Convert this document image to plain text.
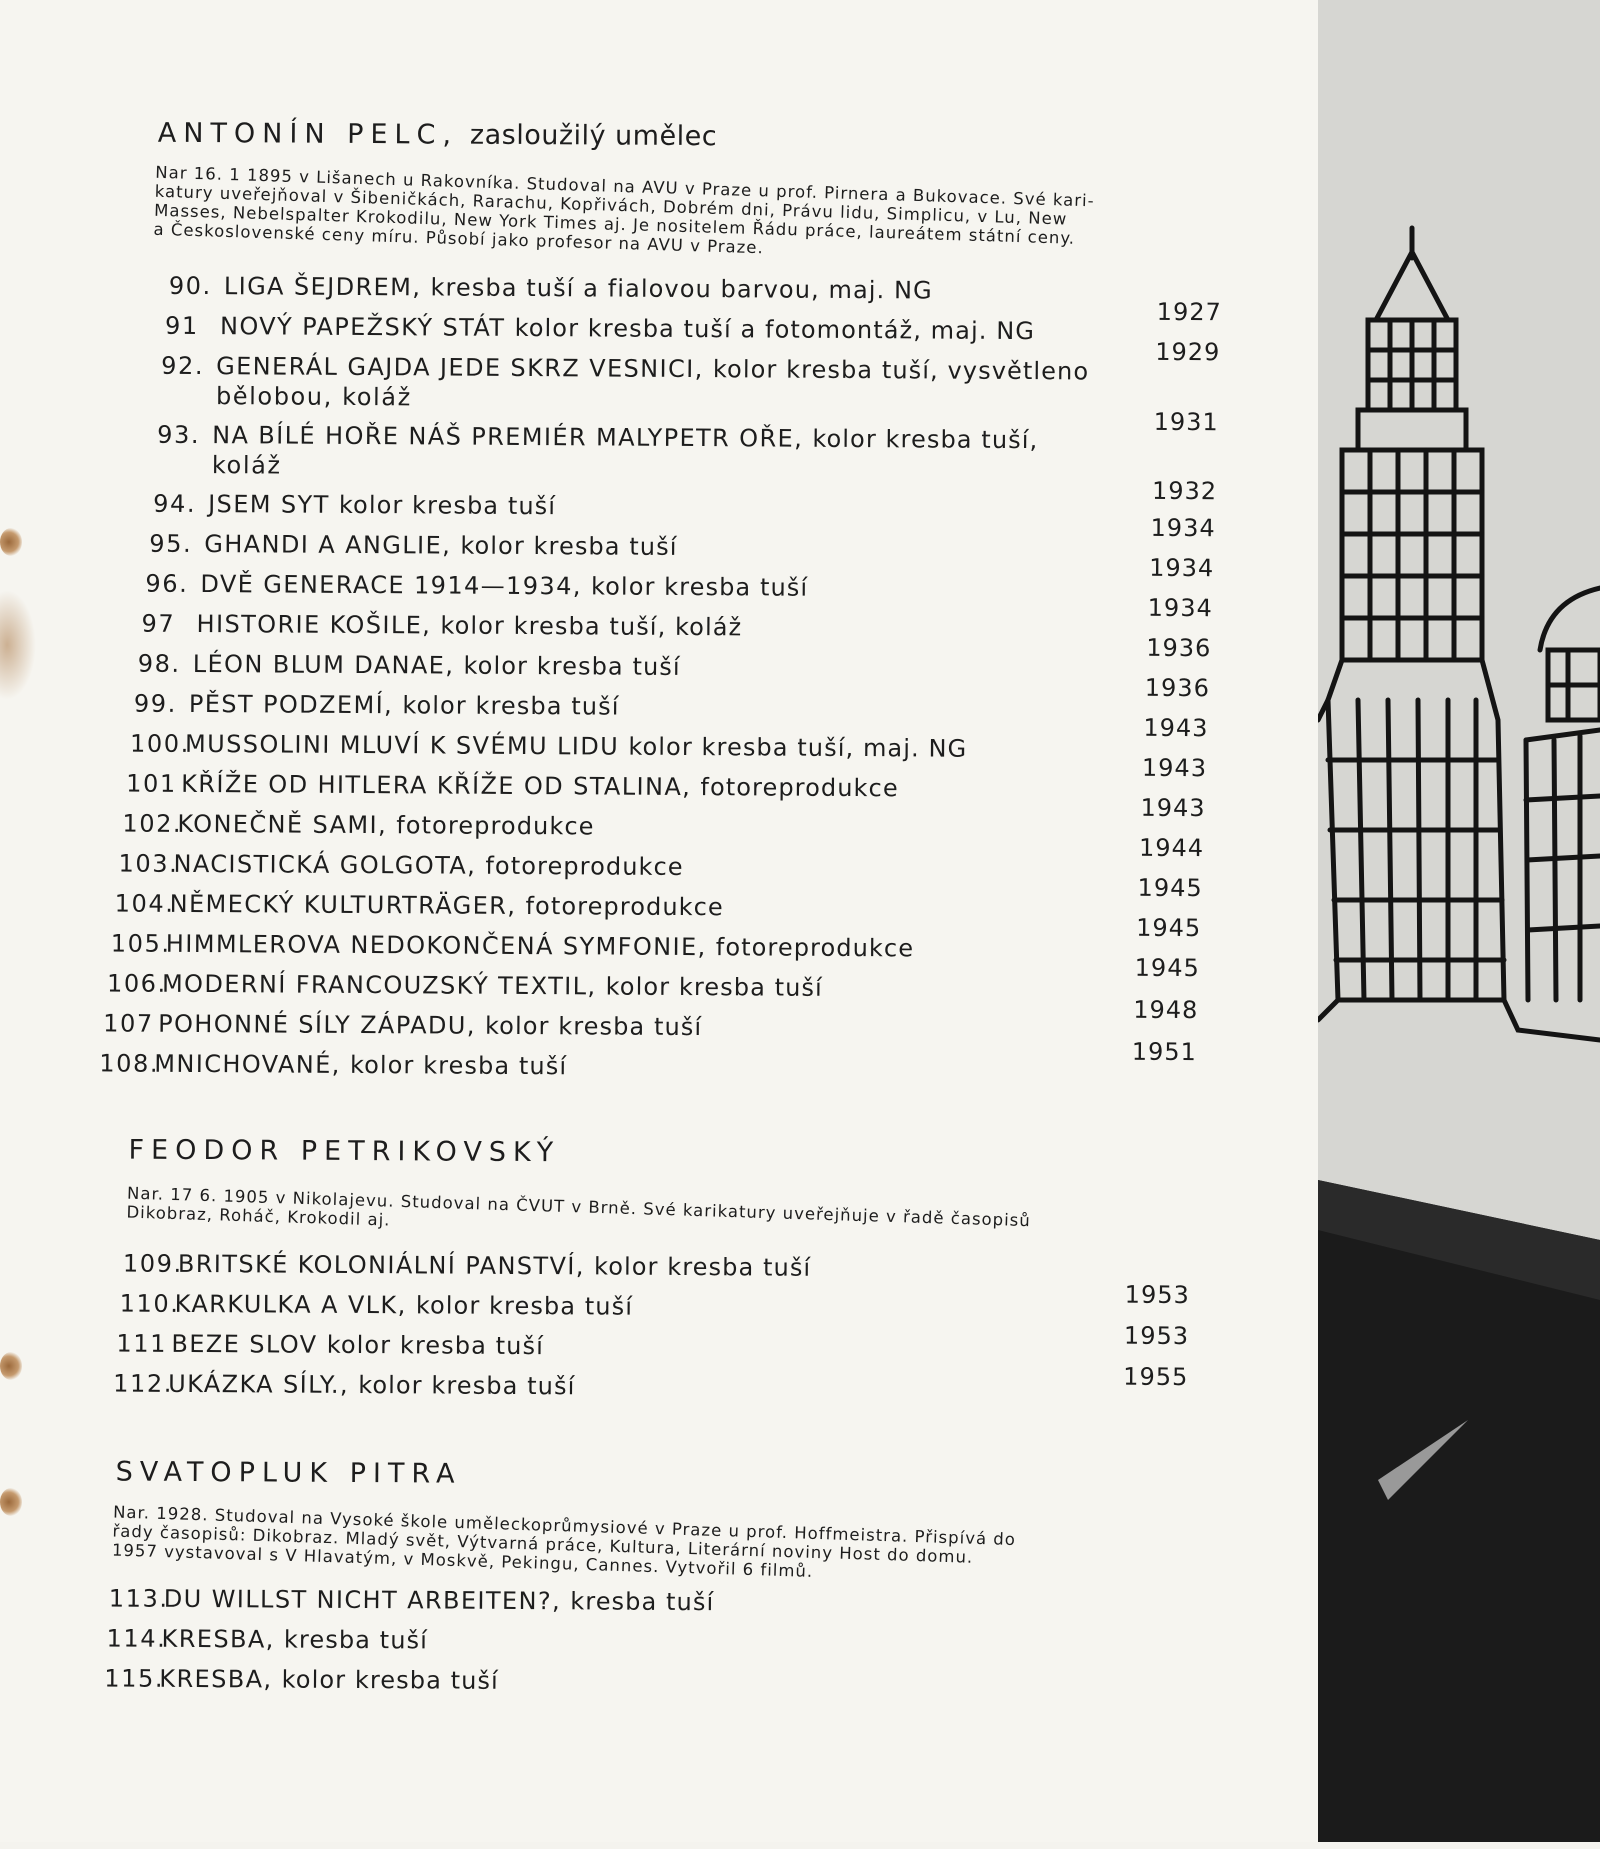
ANTONÍN PELC, zasloužilý umělec
Nar 16. 1 1895 v Lišanech u Rakovníka. Studoval na AVU v Praze u prof. Pirnera a Bukovace. Své kari-
katury uveřejňoval v Šibeničkách, Rarachu, Kopřivách, Dobrém dni, Právu lidu, Simplicu, v Lu, New
Masses, Nebelspalter Krokodilu, New York Times aj. Je nositelem Řádu práce, laureátem státní ceny.
a Československé ceny míru. Působí jako profesor na AVU v Praze.
90. LIGA ŠEJDREM, kresba tuší a fialovou barvou, maj. NG
1927
91 NOVÝ PAPEŽSKÝ STÁT kolor kresba tuší a fotomontáž, maj. NG
1929
92. GENERÁL GAJDA JEDE SKRZ VESNICI, kolor kresba tuší, vysvětleno
bělobou, koláž
1931
93. NA BÍLÉ HOŘE NÁŠ PREMIÉR MALYPETR OŘE, kolor kresba tuší,
koláž
1932
94. JSEM SYT kolor kresba tuší
1934
95. GHANDI A ANGLIE, kolor kresba tuší
1934
96. DVĚ GENERACE 1914—1934, kolor kresba tuší
1934
97 HISTORIE KOŠILE, kolor kresba tuší, koláž
1936
98. LÉON BLUM DANAE, kolor kresba tuší
1936
99. PĚST PODZEMÍ, kolor kresba tuší
1943
100.MUSSOLINI MLUVÍ K SVÉMU LIDU kolor kresba tuší, maj. NG
1943
101 KŘÍŽE OD HITLERA KŘÍŽE OD STALINA, fotoreprodukce
1943
102.KONEČNĚ SAMI, fotoreprodukce
1944
103.NACISTICKÁ GOLGOTA, fotoreprodukce
1945
104.NĚMECKÝ KULTURTRÄGER, fotoreprodukce
1945
105.HIMMLEROVA NEDOKONČENÁ SYMFONIE, fotoreprodukce
1945
106.MODERNÍ FRANCOUZSKÝ TEXTIL, kolor kresba tuší
1948
107 POHONNÉ SÍLY ZÁPADU, kolor kresba tuší
1951
108.MNICHOVANÉ, kolor kresba tuší
FEODOR PETRIKOVSKÝ
Nar. 17 6. 1905 v Nikolajevu. Studoval na ČVUT v Brně. Své karikatury uveřejňuje v řadě časopisů
Dikobraz, Roháč, Krokodil aj.
109.BRITSKÉ KOLONIÁLNÍ PANSTVÍ, kolor kresba tuší
1953
110.KARKULKA A VLK, kolor kresba tuší
1953
111 BEZE SLOV kolor kresba tuší
1955
112.UKÁZKA SÍLY., kolor kresba tuší
SVATOPLUK PITRA
Nar. 1928. Studoval na Vysoké škole uměleckoprůmysiové v Praze u prof. Hoffmeistra. Přispívá do
řady časopisů: Dikobraz. Mladý svět, Výtvarná práce, Kultura, Literární noviny Host do domu.
1957 vystavoval s V Hlavatým, v Moskvě, Pekingu, Cannes. Vytvořil 6 filmů.
113.DU WILLST NICHT ARBEITEN?, kresba tuší
114.KRESBA, kresba tuší
115.KRESBA, kolor kresba tuší
